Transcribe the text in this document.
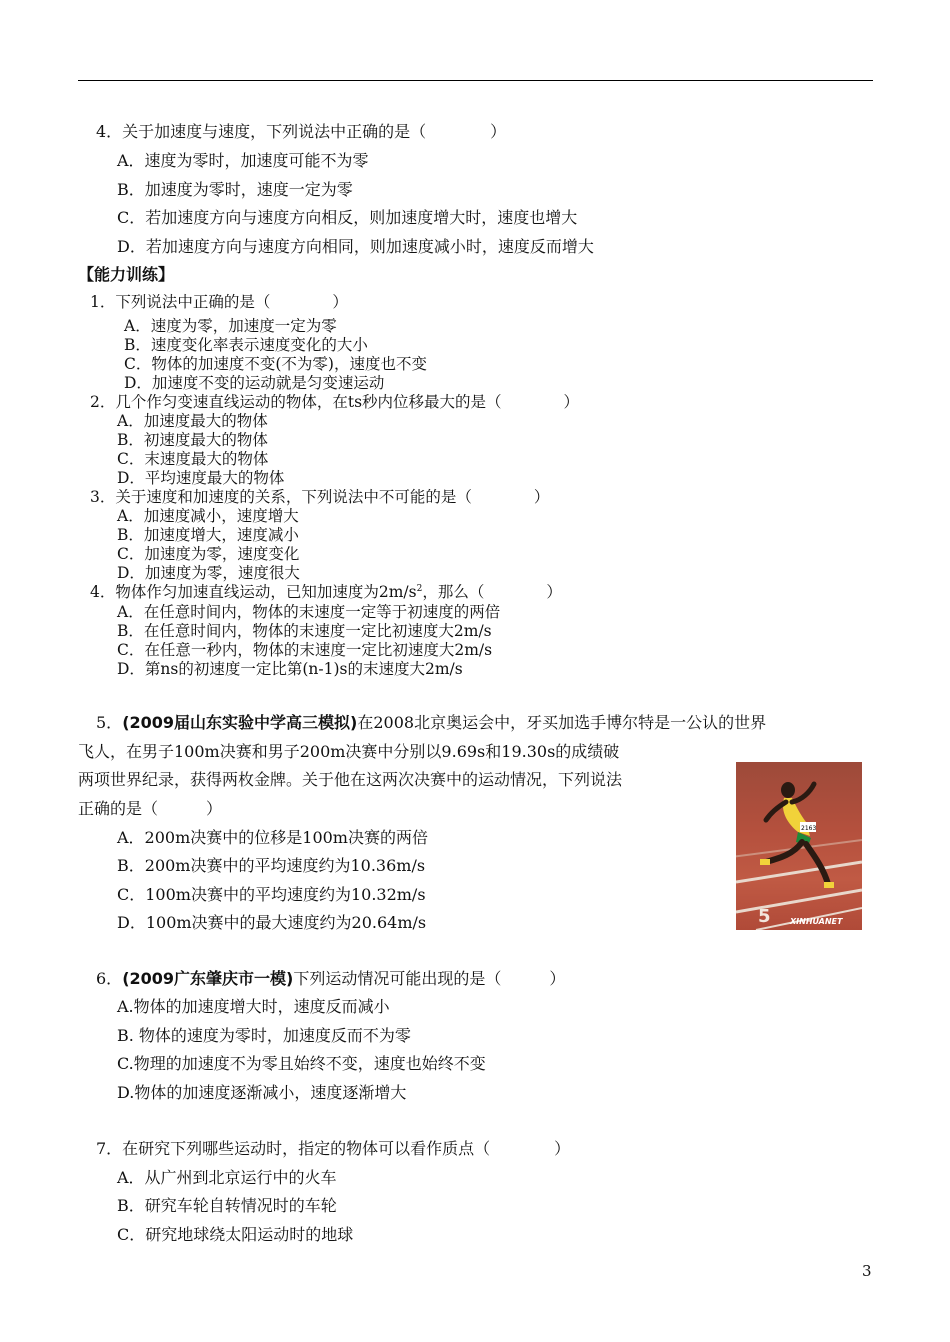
4．关于加速度与速度，下列说法中正确的是（　　　　）
A．速度为零时，加速度可能不为零
B．加速度为零时，速度一定为零
C．若加速度方向与速度方向相反，则加速度增大时，速度也增大
D．若加速度方向与速度方向相同，则加速度减小时，速度反而增大
【能力训练】
1．下列说法中正确的是（　　　　）
A．速度为零，加速度一定为零
B．速度变化率表示速度变化的大小
C．物体的加速度不变(不为零)，速度也不变
D．加速度不变的运动就是匀变速运动
2．几个作匀变速直线运动的物体，在ts秒内位移最大的是（　　　　）
A．加速度最大的物体
B．初速度最大的物体
C．末速度最大的物体
D．平均速度最大的物体
3．关于速度和加速度的关系，下列说法中不可能的是（　　　　）
A．加速度减小，速度增大
B．加速度增大，速度减小
C．加速度为零，速度变化
D．加速度为零，速度很大
4．物体作匀加速直线运动，已知加速度为$2m/s^2$，那么（　　　　）
A．在任意时间内，物体的末速度一定等于初速度的两倍
B．在任意时间内，物体的末速度一定比初速度大2m/s
C．在任意一秒内，物体的末速度一定比初速度大2m/s
D．第ns的初速度一定比第(n-1)s的末速度大2m/s
5．(2009届山东实验中学高三模拟)在2008北京奥运会中，牙买加选手博尔特是一公认的世界
飞人，在男子100m决赛和男子200m决赛中分别以9.69s和19.30s的成绩破
两项世界纪录，获得两枚金牌。关于他在这两次决赛中的运动情况，下列说法
正确的是（　　　）
A．200m决赛中的位移是100m决赛的两倍
B．200m决赛中的平均速度约为10.36m/s
C．100m决赛中的平均速度约为10.32m/s
D．100m决赛中的最大速度约为20.64m/s	5
2163
XINHUANET
6．(2009广东肇庆市一模)下列运动情况可能出现的是（　　　）
A.物体的加速度增大时，速度反而减小
B. 物体的速度为零时，加速度反而不为零
C.物理的加速度不为零且始终不变，速度也始终不变
D.物体的加速度逐渐减小，速度逐渐增大
7．在研究下列哪些运动时，指定的物体可以看作质点（　　　　）
A．从广州到北京运行中的火车
B．研究车轮自转情况时的车轮
C．研究地球绕太阳运动时的地球
3
